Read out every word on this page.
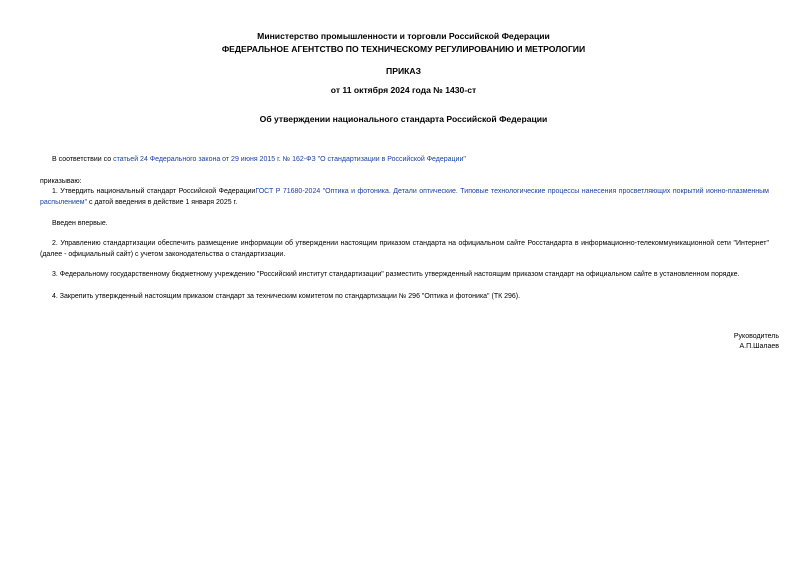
Министерство промышленности и торговли Российской Федерации
ФЕДЕРАЛЬНОЕ АГЕНТСТВО ПО ТЕХНИЧЕСКОМУ РЕГУЛИРОВАНИЮ И МЕТРОЛОГИИ
ПРИКАЗ
от 11 октября 2024 года № 1430-ст
Об утверждении национального стандарта Российской Федерации
В соответствии со статьей 24 Федерального закона от 29 июня 2015 г. № 162-ФЗ "О стандартизации в Российской Федерации"
приказываю:
1. Утвердить национальный стандарт Российской ФедерацииГОСТ Р 71680-2024 "Оптика и фотоника. Детали оптические. Типовые технологические процессы нанесения просветляющих покрытий ионно-плазменным распылением" с датой введения в действие 1 января 2025 г.
Введен впервые.
2. Управлению стандартизации обеспечить размещение информации об утверждении настоящим приказом стандарта на официальном сайте Росстандарта в информационно-телекоммуникационной сети "Интернет" (далее - официальный сайт) с учетом законодательства о стандартизации.
3. Федеральному государственному бюджетному учреждению "Российский институт стандартизации" разместить утвержденный настоящим приказом стандарт на официальном сайте в установленном порядке.
4. Закрепить утвержденный настоящим приказом стандарт за техническим комитетом по стандартизации № 296 "Оптика и фотоника" (ТК 296).
Руководитель
А.П.Шалаев
